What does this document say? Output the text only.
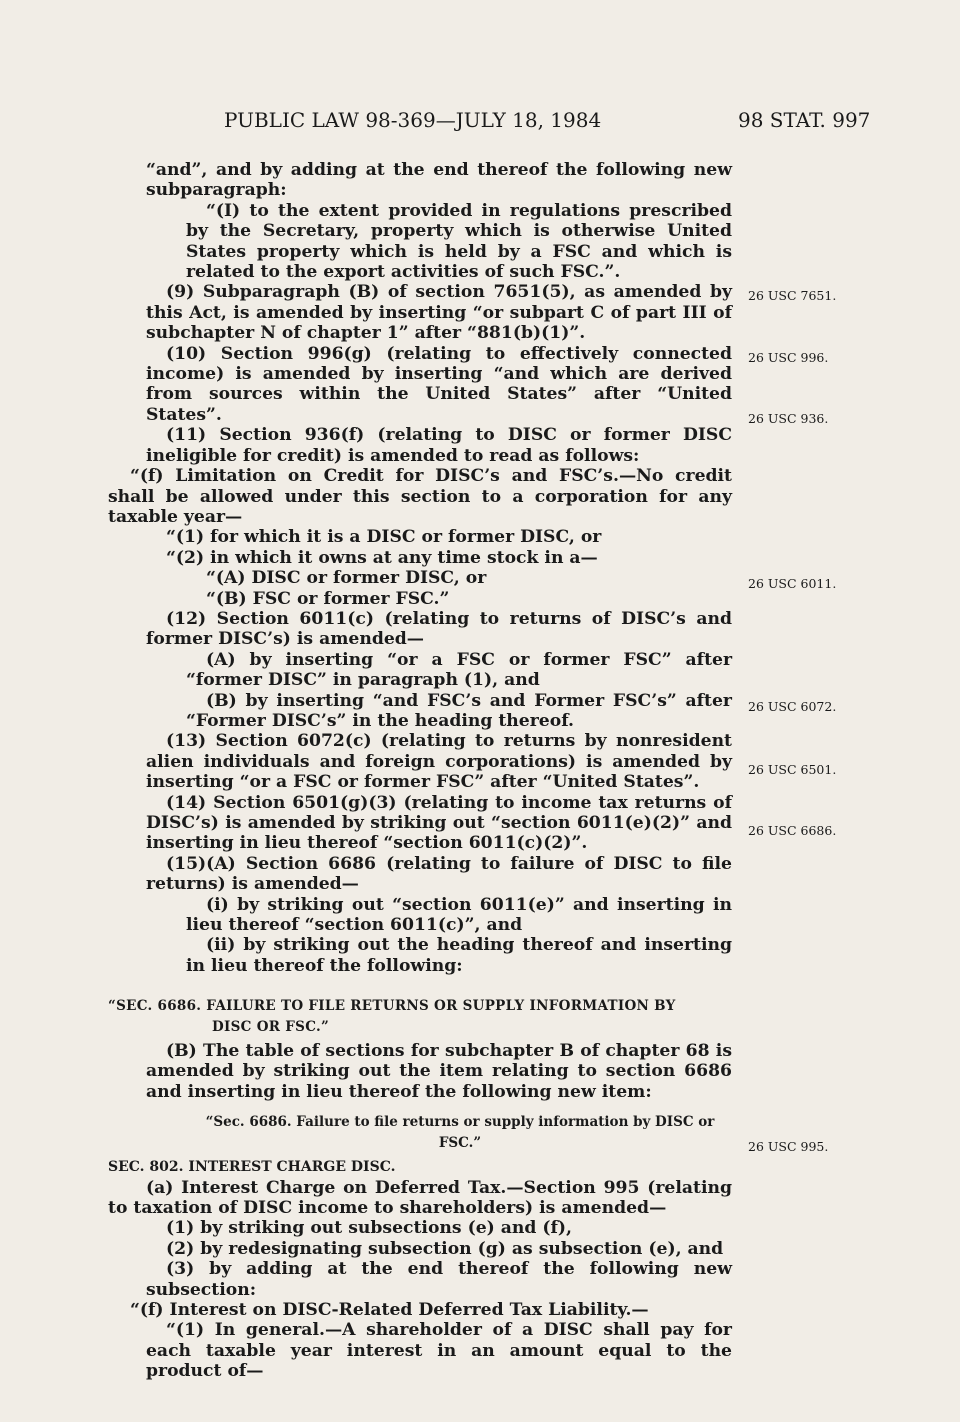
PUBLIC LAW 98-369—JULY 18, 1984	98 STAT. 997

“and”, and by adding at the end thereof the following new subparagraph:

“(I) to the extent provided in regulations prescribed by the Secretary, property which is otherwise United States property which is held by a FSC and which is related to the export activities of such FSC.”.

(9) Subparagraph (B) of section 7651(5), as amended by this Act, is amended by inserting “or subpart C of part III of subchapter N of chapter 1” after “881(b)(1)”.

(10) Section 996(g) (relating to effectively connected income) is amended by inserting “and which are derived from sources within the United States” after “United States”.

(11) Section 936(f) (relating to DISC or former DISC ineligible for credit) is amended to read as follows:

“(f) Limitation on Credit for DISC’s and FSC’s.—No credit shall be allowed under this section to a corporation for any taxable year—

“(1) for which it is a DISC or former DISC, or

“(2) in which it owns at any time stock in a—

“(A) DISC or former DISC, or

“(B) FSC or former FSC.”

(12) Section 6011(c) (relating to returns of DISC’s and former DISC’s) is amended—

(A) by inserting “or a FSC or former FSC” after “former DISC” in paragraph (1), and

(B) by inserting “and FSC’s and Former FSC’s” after “Former DISC’s” in the heading thereof.

(13) Section 6072(c) (relating to returns by nonresident alien individuals and foreign corporations) is amended by inserting “or a FSC or former FSC” after “United States”.

(14) Section 6501(g)(3) (relating to income tax returns of DISC’s) is amended by striking out “section 6011(e)(2)” and inserting in lieu thereof “section 6011(c)(2)”.

(15)(A) Section 6686 (relating to failure of DISC to file returns) is amended—

(i) by striking out “section 6011(e)” and inserting in lieu thereof “section 6011(c)”, and

(ii) by striking out the heading thereof and inserting in lieu thereof the following:

“SEC. 6686. FAILURE TO FILE RETURNS OR SUPPLY INFORMATION BY
DISC OR FSC.”

(B) The table of sections for subchapter B of chapter 68 is amended by striking out the item relating to section 6686 and inserting in lieu thereof the following new item:

“Sec. 6686. Failure to file returns or supply information by DISC or FSC.”

SEC. 802. INTEREST CHARGE DISC.

(a) Interest Charge on Deferred Tax.—Section 995 (relating to taxation of DISC income to shareholders) is amended—

(1) by striking out subsections (e) and (f),

(2) by redesignating subsection (g) as subsection (e), and

(3) by adding at the end thereof the following new subsection:

“(f) Interest on DISC-Related Deferred Tax Liability.—

“(1) In general.—A shareholder of a DISC shall pay for each taxable year interest in an amount equal to the product of—

26 USC 7651.
26 USC 996.
26 USC 936.
26 USC 6011.
26 USC 6072.
26 USC 6501.
26 USC 6686.
26 USC 995.
